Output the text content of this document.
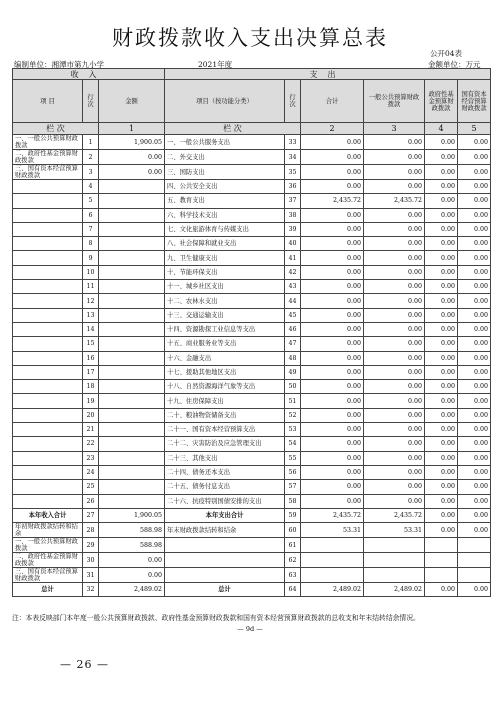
财政拨款收入支出决算总表
公开04表
编制单位：湘潭市第九小学	2021年度	金额单位：万元
收入			支出					
项 目	行次	金额	项目（按功能分类）	行次	合计	一般公共预算财政拨款	政府性基金预算财政拨款	国有资本经营预算财政拨款
栏 次		1	栏 次		2	3	4	5
一、一般公共预算财政拨款	1	1,900.05	一、一般公共服务支出	33	0.00	0.00	0.00	0.00
二、政府性基金预算财政拨款	2	0.00	二、外交支出	34	0.00	0.00	0.00	0.00
三、国有资本经营预算财政拨款	3	0.00	三、国防支出	35	0.00	0.00	0.00	0.00
	4		四、公共安全支出	36	0.00	0.00	0.00	0.00
	5		五、教育支出	37	2,435.72	2,435.72	0.00	0.00
	6		六、科学技术支出	38	0.00	0.00	0.00	0.00
	7		七、文化旅游体育与传媒支出	39	0.00	0.00	0.00	0.00
	8		八、社会保障和就业支出	40	0.00	0.00	0.00	0.00
	9		九、卫生健康支出	41	0.00	0.00	0.00	0.00
	10		十、节能环保支出	42	0.00	0.00	0.00	0.00
	11		十一、城乡社区支出	43	0.00	0.00	0.00	0.00
	12		十二、农林水支出	44	0.00	0.00	0.00	0.00
	13		十三、交通运输支出	45	0.00	0.00	0.00	0.00
	14		十四、资源勘探工业信息等支出	46	0.00	0.00	0.00	0.00
	15		十五、商业服务业等支出	47	0.00	0.00	0.00	0.00
	16		十六、金融支出	48	0.00	0.00	0.00	0.00
	17		十七、援助其他地区支出	49	0.00	0.00	0.00	0.00
	18		十八、自然资源海洋气象等支出	50	0.00	0.00	0.00	0.00
	19		十九、住房保障支出	51	0.00	0.00	0.00	0.00
	20		二十、粮油物资储备支出	52	0.00	0.00	0.00	0.00
	21		二十一、国有资本经营预算支出	53	0.00	0.00	0.00	0.00
	22		二十二、灾害防治及应急管理支出	54	0.00	0.00	0.00	0.00
	23		二十三、其他支出	55	0.00	0.00	0.00	0.00
	24		二十四、债务还本支出	56	0.00	0.00	0.00	0.00
	25		二十五、债务付息支出	57	0.00	0.00	0.00	0.00
	26		二十六、抗疫特别国债安排的支出	58	0.00	0.00	0.00	0.00
本年收入合计	27	1,900.05	本年支出合计	59	2,435.72	2,435.72	0.00	0.00
年初财政拨款结转和结余	28	588.98	年末财政拨款结转和结余	60	53.31	53.31	0.00	0.00
一、一般公共预算财政拨款	29	588.98		61				
二、政府性基金预算财政拨款	30	0.00		62				
三、国有资本经营预算财政拨款	31	0.00		63				
总计	32	2,489.02	总计	64	2,489.02	2,489.02	0.00	0.00
注：本表反映部门本年度一般公共预算财政拨款、政府性基金预算财政拨款和国有资本经营预算财政拨款的总收支和年末结转结余情况。
— 9d —
— 26 —
